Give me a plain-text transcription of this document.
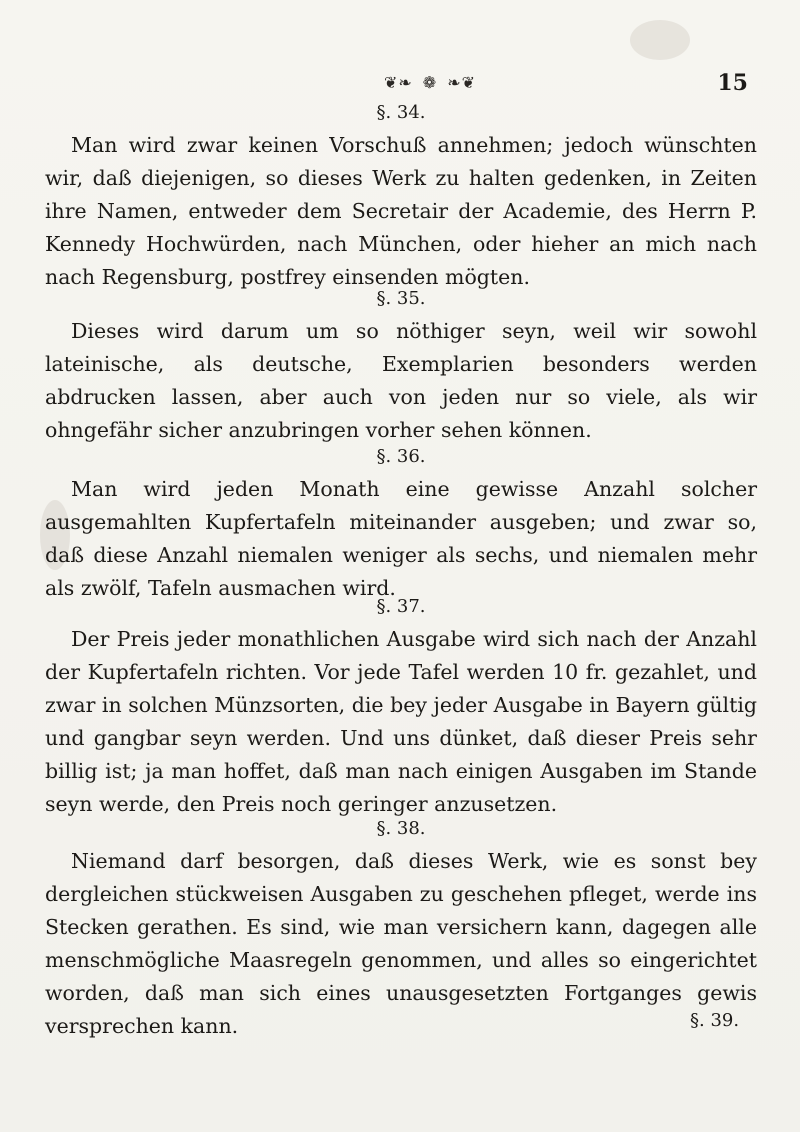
❦❧ ❁ ❧❦	15

§. 34.

Man wird zwar keinen Vorschuß annehmen; jedoch wünschten wir, daß diejenigen, so dieses Werk zu halten gedenken, in Zeiten ihre Namen, entweder dem Secretair der Academie, des Herrn P. Kennedy Hochwürden, nach München, oder hieher an mich nach nach Regensburg, postfrey einsenden mögten.

§. 35.

Dieses wird darum um so nöthiger seyn, weil wir sowohl lateinische, als deutsche, Exemplarien besonders werden abdrucken lassen, aber auch von jeden nur so viele, als wir ohngefähr sicher anzubringen vorher sehen können.

§. 36.

Man wird jeden Monath eine gewisse Anzahl solcher ausgemahlten Kupfertafeln miteinander ausgeben; und zwar so, daß diese Anzahl niemalen weniger als sechs, und niemalen mehr als zwölf, Tafeln ausmachen wird.

§. 37.

Der Preis jeder monathlichen Ausgabe wird sich nach der Anzahl der Kupfertafeln richten. Vor jede Tafel werden 10 fr. gezahlet, und zwar in solchen Münzsorten, die bey jeder Ausgabe in Bayern gültig und gangbar seyn werden. Und uns dünket, daß dieser Preis sehr billig ist; ja man hoffet, daß man nach einigen Ausgaben im Stande seyn werde, den Preis noch geringer anzusetzen.

§. 38.

Niemand darf besorgen, daß dieses Werk, wie es sonst bey dergleichen stückweisen Ausgaben zu geschehen pfleget, werde ins Stecken gerathen. Es sind, wie man versichern kann, dagegen alle menschmögliche Maasregeln genommen, und alles so eingerichtet worden, daß man sich eines unausgesetzten Fortganges gewis versprechen kann.	§. 39.
